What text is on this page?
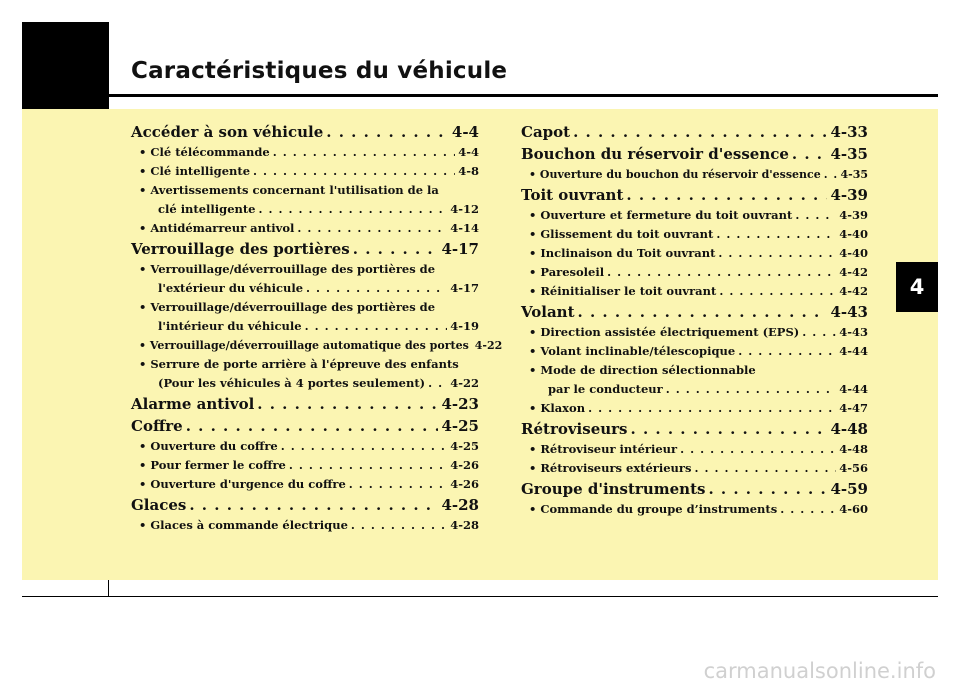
Caractéristiques du véhicule
4
carmanualsonline.info
Accéder à son véhicule . . .	4-4
• Clé télécommande . . .	4-4
• Clé intelligente . . .	4-8
• Avertissements concernant l'utilisation de la
clé intelligente . . .	4-12
• Antidémarreur antivol . . .	4-14
Verrouillage des portières . . .	4-17
• Verrouillage/déverrouillage des portières de
l'extérieur du véhicule . . .	4-17
• Verrouillage/déverrouillage des portières de
l'intérieur du véhicule . . .	4-19
• Verrouillage/déverrouillage automatique des portes 4-22
• Serrure de porte arrière à l'épreuve des enfants
(Pour les véhicules à 4 portes seulement) . . . 4-22
Alarme antivol . . .	4-23
Coffre . . .	4-25
• Ouverture du coffre . . .	4-25
• Pour fermer le coffre . . .	4-26
• Ouverture d'urgence du coffre . . .	4-26
Glaces . . .	4-28
• Glaces à commande électrique . . .	4-28
Capot . . .	4-33
Bouchon du réservoir d'essence . . .	4-35
• Ouverture du bouchon du réservoir d'essence . . . 4-35
Toit ouvrant . . .	4-39
• Ouverture et fermeture du toit ouvrant . . .	4-39
• Glissement du toit ouvrant . . .	4-40
• Inclinaison du Toit ouvrant . . .	4-40
• Paresoleil . . .	4-42
• Réinitialiser le toit ouvrant . . .	4-42
Volant . . .	4-43
• Direction assistée électriquement (EPS) . . .	4-43
• Volant inclinable/télescopique . . .	4-44
• Mode de direction sélectionnable
par le conducteur . . .	4-44
• Klaxon . . .	4-47
Rétroviseurs . . .	4-48
• Rétroviseur intérieur . . .	4-48
• Rétroviseurs extérieurs . . .	4-56
Groupe d'instruments . . .	4-59
• Commande du groupe d’instruments . . .	4-60
